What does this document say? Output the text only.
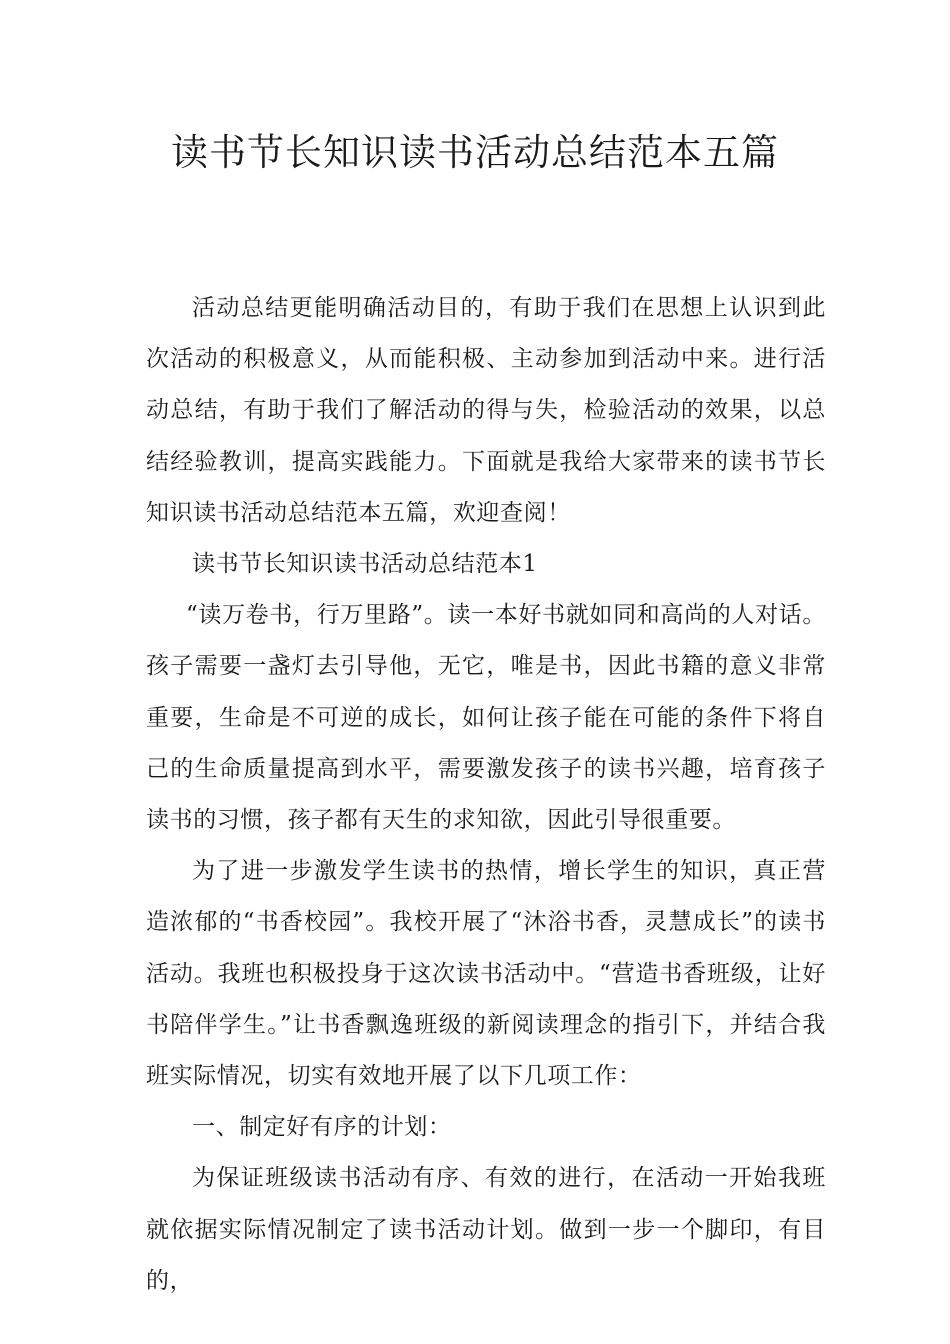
读书节长知识读书活动总结范本五篇

活动总结更能明确活动目的，有助于我们在思想上认识到此次活动的积极意义，从而能积极、主动参加到活动中来。进行活动总结，有助于我们了解活动的得与失，检验活动的效果，以总结经验教训，提高实践能力。下面就是我给大家带来的读书节长知识读书活动总结范本五篇，欢迎查阅！

读书节长知识读书活动总结范本1

“读万卷书，行万里路”。读一本好书就如同和高尚的人对话。孩子需要一盏灯去引导他，无它，唯是书，因此书籍的意义非常重要，生命是不可逆的成长，如何让孩子能在可能的条件下将自己的生命质量提高到水平，需要激发孩子的读书兴趣，培育孩子读书的习惯，孩子都有天生的求知欲，因此引导很重要。

为了进一步激发学生读书的热情，增长学生的知识，真正营造浓郁的“书香校园”。我校开展了“沐浴书香，灵慧成长”的读书活动。我班也积极投身于这次读书活动中。“营造书香班级，让好书陪伴学生。”让书香飘逸班级的新阅读理念的指引下，并结合我班实际情况，切实有效地开展了以下几项工作：

一、制定好有序的计划：

为保证班级读书活动有序、有效的进行，在活动一开始我班就依据实际情况制定了读书活动计划。做到一步一个脚印，有目的，
